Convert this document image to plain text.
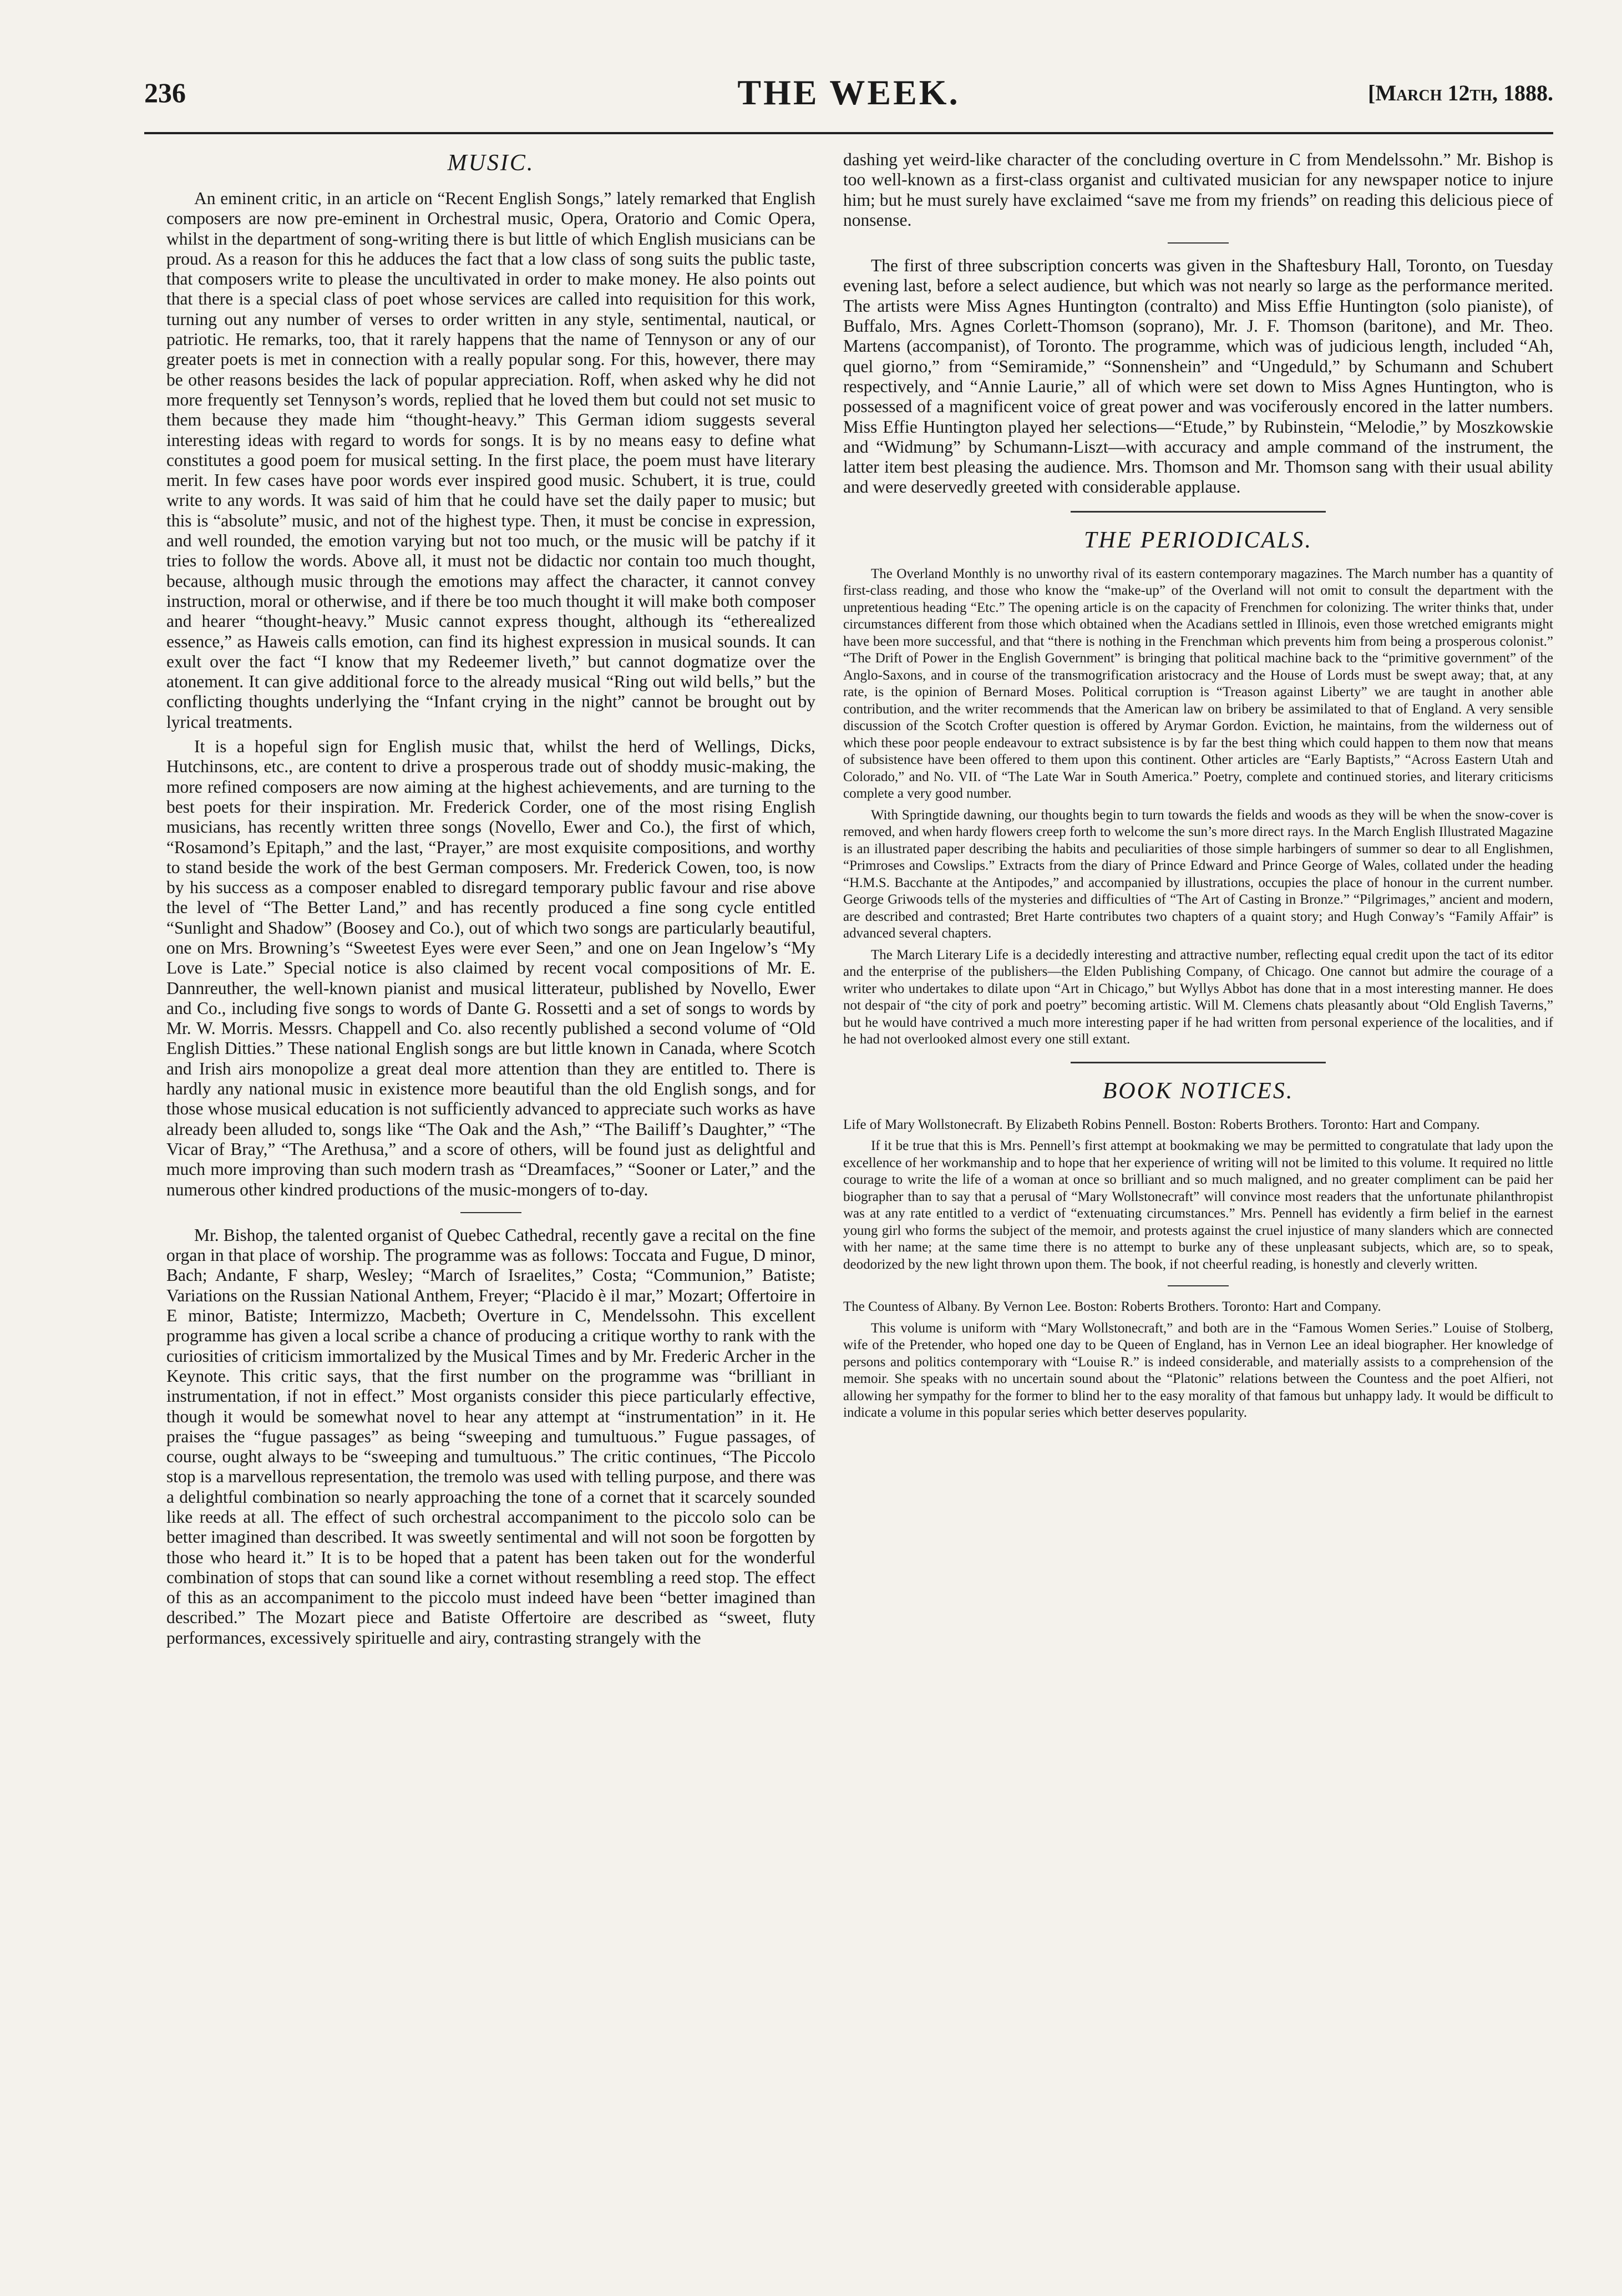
236	THE WEEK.	[March 12th, 1888.
MUSIC.

An eminent critic, in an article on “Recent English Songs,” lately remarked that English composers are now pre-eminent in Orchestral music, Opera, Oratorio and Comic Opera, whilst in the department of song-writing there is but little of which English musicians can be proud. As a reason for this he adduces the fact that a low class of song suits the public taste, that composers write to please the uncultivated in order to make money. He also points out that there is a special class of poet whose services are called into requisition for this work, turning out any number of verses to order written in any style, sentimental, nautical, or patriotic. He remarks, too, that it rarely happens that the name of Tennyson or any of our greater poets is met in connection with a really popular song. For this, however, there may be other reasons besides the lack of popular appreciation. Roff, when asked why he did not more frequently set Tennyson’s words, replied that he loved them but could not set music to them because they made him “thought-heavy.” This German idiom suggests several interesting ideas with regard to words for songs. It is by no means easy to define what constitutes a good poem for musical setting. In the first place, the poem must have literary merit. In few cases have poor words ever inspired good music. Schubert, it is true, could write to any words. It was said of him that he could have set the daily paper to music; but this is “absolute” music, and not of the highest type. Then, it must be concise in expression, and well rounded, the emotion varying but not too much, or the music will be patchy if it tries to follow the words. Above all, it must not be didactic nor contain too much thought, because, although music through the emotions may affect the character, it cannot convey instruction, moral or otherwise, and if there be too much thought it will make both composer and hearer “thought-heavy.” Music cannot express thought, although its “etherealized essence,” as Haweis calls emotion, can find its highest expression in musical sounds. It can exult over the fact “I know that my Redeemer liveth,” but cannot dogmatize over the atonement. It can give additional force to the already musical “Ring out wild bells,” but the conflicting thoughts underlying the “Infant crying in the night” cannot be brought out by lyrical treatments.

It is a hopeful sign for English music that, whilst the herd of Wellings, Dicks, Hutchinsons, etc., are content to drive a prosperous trade out of shoddy music-making, the more refined composers are now aiming at the highest achievements, and are turning to the best poets for their inspiration. Mr. Frederick Corder, one of the most rising English musicians, has recently written three songs (Novello, Ewer and Co.), the first of which, “Rosamond’s Epitaph,” and the last, “Prayer,” are most exquisite compositions, and worthy to stand beside the work of the best German composers. Mr. Frederick Cowen, too, is now by his success as a composer enabled to disregard temporary public favour and rise above the level of “The Better Land,” and has recently produced a fine song cycle entitled “Sunlight and Shadow” (Boosey and Co.), out of which two songs are particularly beautiful, one on Mrs. Browning’s “Sweetest Eyes were ever Seen,” and one on Jean Ingelow’s “My Love is Late.” Special notice is also claimed by recent vocal compositions of Mr. E. Dannreuther, the well-known pianist and musical litterateur, published by Novello, Ewer and Co., including five songs to words of Dante G. Rossetti and a set of songs to words by Mr. W. Morris. Messrs. Chappell and Co. also recently published a second volume of “Old English Ditties.” These national English songs are but little known in Canada, where Scotch and Irish airs monopolize a great deal more attention than they are entitled to. There is hardly any national music in existence more beautiful than the old English songs, and for those whose musical education is not sufficiently advanced to appreciate such works as have already been alluded to, songs like “The Oak and the Ash,” “The Bailiff’s Daughter,” “The Vicar of Bray,” “The Arethusa,” and a score of others, will be found just as delightful and much more improving than such modern trash as “Dreamfaces,” “Sooner or Later,” and the numerous other kindred productions of the music-mongers of to-day.

Mr. Bishop, the talented organist of Quebec Cathedral, recently gave a recital on the fine organ in that place of worship. The programme was as follows: Toccata and Fugue, D minor, Bach; Andante, F sharp, Wesley; “March of Israelites,” Costa; “Communion,” Batiste; Variations on the Russian National Anthem, Freyer; “Placido è il mar,” Mozart; Offertoire in E minor, Batiste; Intermizzo, Macbeth; Overture in C, Mendelssohn. This excellent programme has given a local scribe a chance of producing a critique worthy to rank with the curiosities of criticism immortalized by the Musical Times and by Mr. Frederic Archer in the Keynote. This critic says, that the first number on the programme was “brilliant in instrumentation, if not in effect.” Most organists consider this piece particularly effective, though it would be somewhat novel to hear any attempt at “instrumentation” in it. He praises the “fugue passages” as being “sweeping and tumultuous.” Fugue passages, of course, ought always to be “sweeping and tumultuous.” The critic continues, “The Piccolo stop is a marvellous representation, the tremolo was used with telling purpose, and there was a delightful combination so nearly approaching the tone of a cornet that it scarcely sounded like reeds at all. The effect of such orchestral accompaniment to the piccolo solo can be better imagined than described. It was sweetly sentimental and will not soon be forgotten by those who heard it.” It is to be hoped that a patent has been taken out for the wonderful combination of stops that can sound like a cornet without resembling a reed stop. The effect of this as an accompaniment to the piccolo must indeed have been “better imagined than described.” The Mozart piece and Batiste Offertoire are described as “sweet, fluty performances, excessively spirituelle and airy, contrasting strangely with the

dashing yet weird-like character of the concluding overture in C from Mendelssohn.” Mr. Bishop is too well-known as a first-class organist and cultivated musician for any newspaper notice to injure him; but he must surely have exclaimed “save me from my friends” on reading this delicious piece of nonsense.

The first of three subscription concerts was given in the Shaftesbury Hall, Toronto, on Tuesday evening last, before a select audience, but which was not nearly so large as the performance merited. The artists were Miss Agnes Huntington (contralto) and Miss Effie Huntington (solo pianiste), of Buffalo, Mrs. Agnes Corlett-Thomson (soprano), Mr. J. F. Thomson (baritone), and Mr. Theo. Martens (accompanist), of Toronto. The programme, which was of judicious length, included “Ah, quel giorno,” from “Semiramide,” “Sonnenshein” and “Ungeduld,” by Schumann and Schubert respectively, and “Annie Laurie,” all of which were set down to Miss Agnes Huntington, who is possessed of a magnificent voice of great power and was vociferously encored in the latter numbers. Miss Effie Huntington played her selections—“Etude,” by Rubinstein, “Melodie,” by Moszkowskie and “Widmung” by Schumann-Liszt—with accuracy and ample command of the instrument, the latter item best pleasing the audience. Mrs. Thomson and Mr. Thomson sang with their usual ability and were deservedly greeted with considerable applause.

THE PERIODICALS.

The Overland Monthly is no unworthy rival of its eastern contemporary magazines. The March number has a quantity of first-class reading, and those who know the “make-up” of the Overland will not omit to consult the department with the unpretentious heading “Etc.” The opening article is on the capacity of Frenchmen for colonizing. The writer thinks that, under circumstances different from those which obtained when the Acadians settled in Illinois, even those wretched emigrants might have been more successful, and that “there is nothing in the Frenchman which prevents him from being a prosperous colonist.” “The Drift of Power in the English Government” is bringing that political machine back to the “primitive government” of the Anglo-Saxons, and in course of the transmogrification aristocracy and the House of Lords must be swept away; that, at any rate, is the opinion of Bernard Moses. Political corruption is “Treason against Liberty” we are taught in another able contribution, and the writer recommends that the American law on bribery be assimilated to that of England. A very sensible discussion of the Scotch Crofter question is offered by Arymar Gordon. Eviction, he maintains, from the wilderness out of which these poor people endeavour to extract subsistence is by far the best thing which could happen to them now that means of subsistence have been offered to them upon this continent. Other articles are “Early Baptists,” “Across Eastern Utah and Colorado,” and No. VII. of “The Late War in South America.” Poetry, complete and continued stories, and literary criticisms complete a very good number.

With Springtide dawning, our thoughts begin to turn towards the fields and woods as they will be when the snow-cover is removed, and when hardy flowers creep forth to welcome the sun’s more direct rays. In the March English Illustrated Magazine is an illustrated paper describing the habits and peculiarities of those simple harbingers of summer so dear to all Englishmen, “Primroses and Cowslips.” Extracts from the diary of Prince Edward and Prince George of Wales, collated under the heading “H.M.S. Bacchante at the Antipodes,” and accompanied by illustrations, occupies the place of honour in the current number. George Griwoods tells of the mysteries and difficulties of “The Art of Casting in Bronze.” “Pilgrimages,” ancient and modern, are described and contrasted; Bret Harte contributes two chapters of a quaint story; and Hugh Conway’s “Family Affair” is advanced several chapters.

The March Literary Life is a decidedly interesting and attractive number, reflecting equal credit upon the tact of its editor and the enterprise of the publishers—the Elden Publishing Company, of Chicago. One cannot but admire the courage of a writer who undertakes to dilate upon “Art in Chicago,” but Wyllys Abbot has done that in a most interesting manner. He does not despair of “the city of pork and poetry” becoming artistic. Will M. Clemens chats pleasantly about “Old English Taverns,” but he would have contrived a much more interesting paper if he had written from personal experience of the localities, and if he had not overlooked almost every one still extant.

BOOK NOTICES.

Life of Mary Wollstonecraft. By Elizabeth Robins Pennell. Boston: Roberts Brothers. Toronto: Hart and Company.

If it be true that this is Mrs. Pennell’s first attempt at bookmaking we may be permitted to congratulate that lady upon the excellence of her workmanship and to hope that her experience of writing will not be limited to this volume. It required no little courage to write the life of a woman at once so brilliant and so much maligned, and no greater compliment can be paid her biographer than to say that a perusal of “Mary Wollstonecraft” will convince most readers that the unfortunate philanthropist was at any rate entitled to a verdict of “extenuating circumstances.” Mrs. Pennell has evidently a firm belief in the earnest young girl who forms the subject of the memoir, and protests against the cruel injustice of many slanders which are connected with her name; at the same time there is no attempt to burke any of these unpleasant subjects, which are, so to speak, deodorized by the new light thrown upon them. The book, if not cheerful reading, is honestly and cleverly written.

The Countess of Albany. By Vernon Lee. Boston: Roberts Brothers. Toronto: Hart and Company.

This volume is uniform with “Mary Wollstonecraft,” and both are in the “Famous Women Series.” Louise of Stolberg, wife of the Pretender, who hoped one day to be Queen of England, has in Vernon Lee an ideal biographer. Her knowledge of persons and politics contemporary with “Louise R.” is indeed considerable, and materially assists to a comprehension of the memoir. She speaks with no uncertain sound about the “Platonic” relations between the Countess and the poet Alfieri, not allowing her sympathy for the former to blind her to the easy morality of that famous but unhappy lady. It would be difficult to indicate a volume in this popular series which better deserves popularity.
